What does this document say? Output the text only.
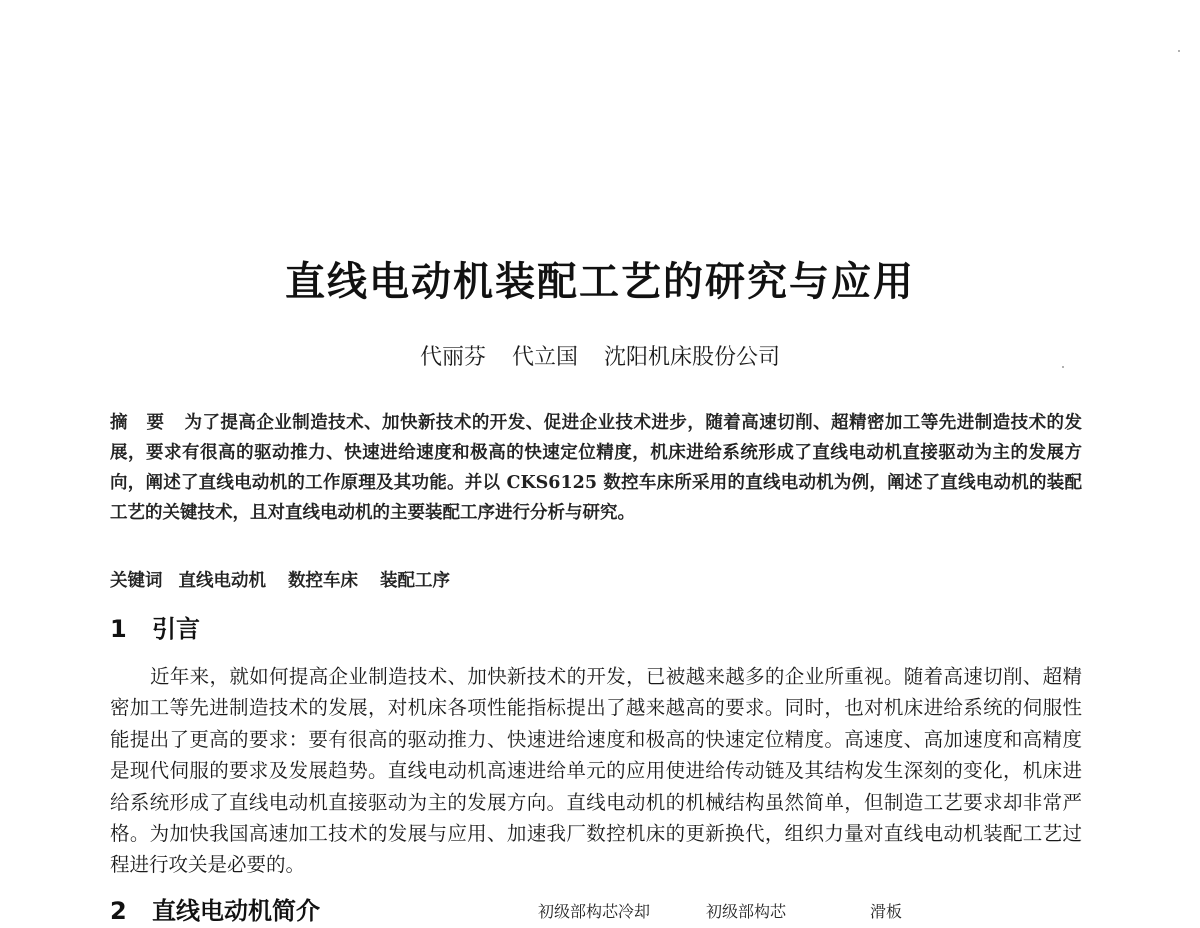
直线电动机装配工艺的研究与应用
代丽芬 代立国 沈阳机床股份公司
摘 要 为了提高企业制造技术、加快新技术的开发、促进企业技术进步，随着高速切削、超精密加工等先进制造技术的发展，要求有很高的驱动推力、快速进给速度和极高的快速定位精度，机床进给系统形成了直线电动机直接驱动为主的发展方向，阐述了直线电动机的工作原理及其功能。并以 CKS6125 数控车床所采用的直线电动机为例，阐述了直线电动机的装配工艺的关键技术，且对直线电动机的主要装配工序进行分析与研究。
关键词 直线电动机 数控车床 装配工序
1 引言
近年来，就如何提高企业制造技术、加快新技术的开发，已被越来越多的企业所重视。随着高速切削、超精密加工等先进制造技术的发展，对机床各项性能指标提出了越来越高的要求。同时，也对机床进给系统的伺服性能提出了更高的要求：要有很高的驱动推力、快速进给速度和极高的快速定位精度。高速度、高加速度和高精度是现代伺服的要求及发展趋势。直线电动机高速进给单元的应用使进给传动链及其结构发生深刻的变化，机床进给系统形成了直线电动机直接驱动为主的发展方向。直线电动机的机械结构虽然简单，但制造工艺要求却非常严格。为加快我国高速加工技术的发展与应用、加速我厂数控机床的更新换代，组织力量对直线电动机装配工艺过程进行攻关是必要的。
2 直线电动机简介	初级部构芯冷却	初级部构芯	滑板
